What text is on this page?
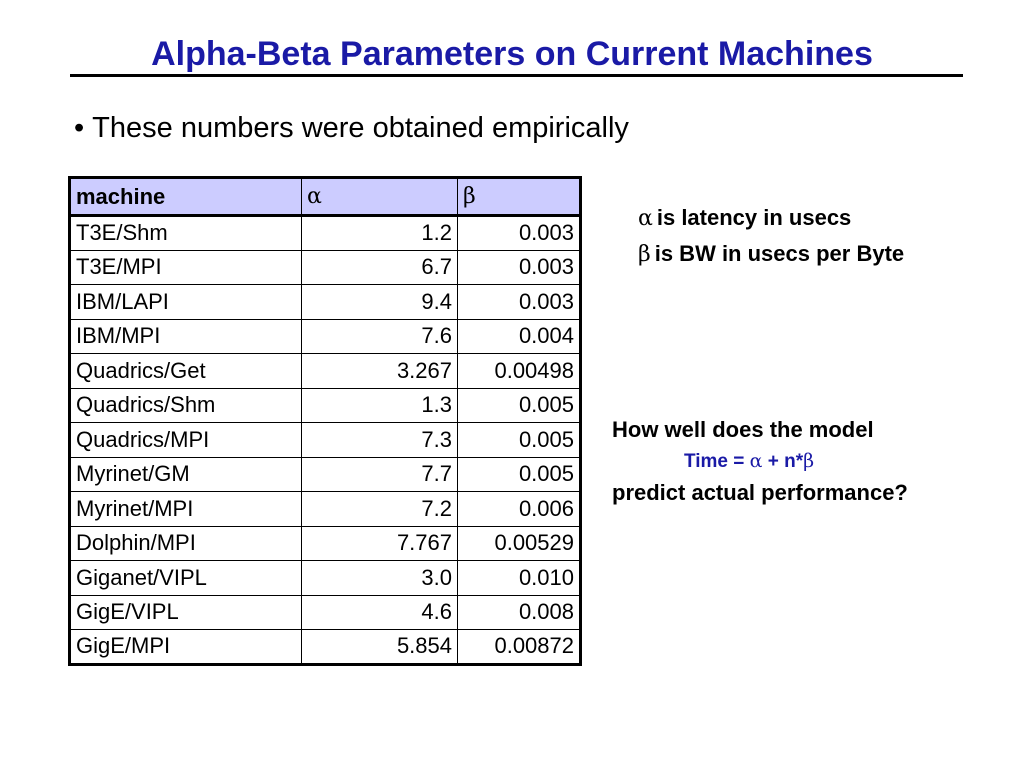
Alpha-Beta Parameters on Current Machines
• These numbers were obtained empirically
machine	α	β
T3E/Shm	1.2	0.003
T3E/MPI	6.7	0.003
IBM/LAPI	9.4	0.003
IBM/MPI	7.6	0.004
Quadrics/Get	3.267	0.00498
Quadrics/Shm	1.3	0.005
Quadrics/MPI	7.3	0.005
Myrinet/GM	7.7	0.005
Myrinet/MPI	7.2	0.006
Dolphin/MPI	7.767	0.00529
Giganet/VIPL	3.0	0.010
GigE/VIPL	4.6	0.008
GigE/MPI	5.854	0.00872
α is latency in usecs
β is BW in usecs per Byte
How well does the model
Time = α + n*β
predict actual performance?
